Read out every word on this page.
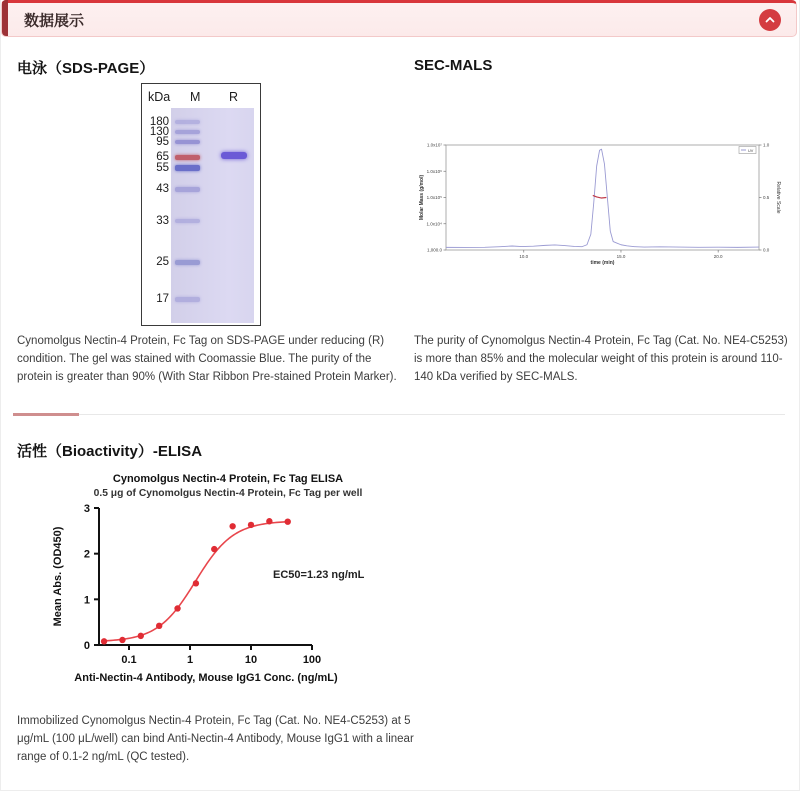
数据展示
电泳（SDS-PAGE）
kDa M R
180
130
95
65
55
43
33
25
17

Cynomolgus Nectin-4 Protein, Fc Tag on SDS-PAGE under reducing (R) condition. The gel was stained with Coomassie Blue. The purity of the protein is greater than 90% (With Star Ribbon Pre-stained Protein Marker).

SEC-MALS
1.0x10⁷
1.0x10⁶
1.0x10⁵
1.0x10⁴
1,000.0
1.0
0.5
0.0
10.0	15.0	20.0
Molar Mass (g/mol)	Relative Scale
time (min)
UV

The purity of Cynomolgus Nectin-4 Protein, Fc Tag (Cat. No. NE4-C5253) is more than 85% and the molecular weight of this protein is around 110-140 kDa verified by SEC-MALS.

活性（Bioactivity）-ELISA
Cynomolgus Nectin-4 Protein, Fc Tag ELISA
0.5 μg of Cynomolgus Nectin-4 Protein, Fc Tag per well
0
1
2
3
0.1	1	10	100
Mean Abs. (OD450)
Anti-Nectin-4 Antibody, Mouse IgG1 Conc. (ng/mL)
EC50=1.23 ng/mL

Immobilized Cynomolgus Nectin-4 Protein, Fc Tag (Cat. No. NE4-C5253) at 5 μg/mL (100 μL/well) can bind Anti-Nectin-4 Antibody, Mouse IgG1 with a linear range of 0.1-2 ng/mL (QC tested).
